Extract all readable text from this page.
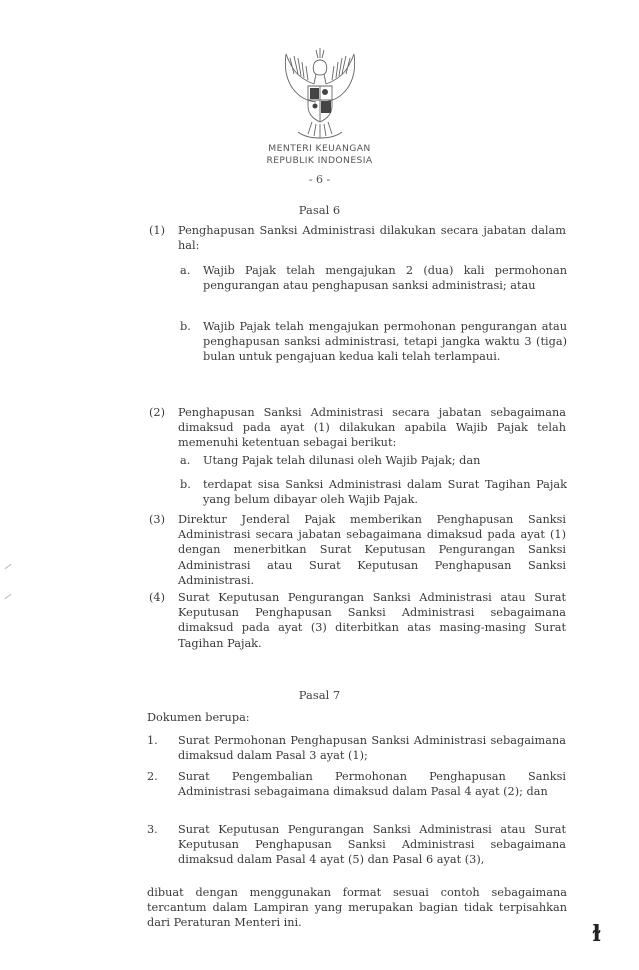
MENTERI KEUANGAN
REPUBLIK INDONESIA
- 6 -
Pasal 6
(1) Penghapusan Sanksi Administrasi dilakukan secara jabatan dalam hal:

a. Wajib Pajak telah mengajukan 2 (dua) kali permohonan pengurangan atau penghapusan sanksi administrasi; atau

b. Wajib Pajak telah mengajukan permohonan pengurangan atau penghapusan sanksi administrasi, tetapi jangka waktu 3 (tiga) bulan untuk pengajuan kedua kali telah terlampaui.

(2) Penghapusan Sanksi Administrasi secara jabatan sebagaimana dimaksud pada ayat (1) dilakukan apabila Wajib Pajak telah memenuhi ketentuan sebagai berikut:

a. Utang Pajak telah dilunasi oleh Wajib Pajak; dan

b. terdapat sisa Sanksi Administrasi dalam Surat Tagihan Pajak yang belum dibayar oleh Wajib Pajak.

(3) Direktur Jenderal Pajak memberikan Penghapusan Sanksi Administrasi secara jabatan sebagaimana dimaksud pada ayat (1) dengan menerbitkan Surat Keputusan Pengurangan Sanksi Administrasi atau Surat Keputusan Penghapusan Sanksi Administrasi.

(4) Surat Keputusan Pengurangan Sanksi Administrasi atau Surat Keputusan Penghapusan Sanksi Administrasi sebagaimana dimaksud pada ayat (3) diterbitkan atas masing-masing Surat Tagihan Pajak.

Pasal 7

Dokumen berupa:

1. Surat Permohonan Penghapusan Sanksi Administrasi sebagaimana dimaksud dalam Pasal 3 ayat (1);

2. Surat Pengembalian Permohonan Penghapusan Sanksi Administrasi sebagaimana dimaksud dalam Pasal 4 ayat (2); dan

3. Surat Keputusan Pengurangan Sanksi Administrasi atau Surat Keputusan Penghapusan Sanksi Administrasi sebagaimana dimaksud dalam Pasal 4 ayat (5) dan Pasal 6 ayat (3),

dibuat dengan menggunakan format sesuai contoh sebagaimana tercantum dalam Lampiran yang merupakan bagian tidak terpisahkan dari Peraturan Menteri ini.	ɫ
